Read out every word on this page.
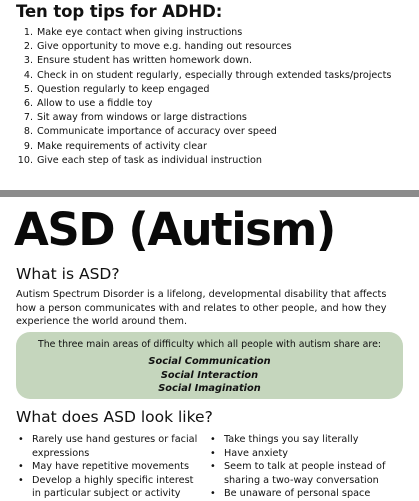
Ten top tips for ADHD:
1. Make eye contact when giving instructions
2. Give opportunity to move e.g. handing out resources
3. Ensure student has written homework down.
4. Check in on student regularly, especially through extended tasks/projects
5. Question regularly to keep engaged
6. Allow to use a fiddle toy
7. Sit away from windows or large distractions
8. Communicate importance of accuracy over speed
9. Make requirements of activity clear
10. Give each step of task as individual instruction
ASD (Autism)
What is ASD?

Autism Spectrum Disorder is a lifelong, developmental disability that affects how a person communicates with and relates to other people, and how they experience the world around them.

The three main areas of difficulty which all people with autism share are:

Social Communication

Social Interaction

Social Imagination

What does ASD look like?
• Rarely use hand gestures or facial expressions
• May have repetitive movements
• Develop a highly specific interest in particular subject or activity
• Take things you say literally
• Have anxiety
• Seem to talk at people instead of sharing a two-way conversation
• Be unaware of personal space
